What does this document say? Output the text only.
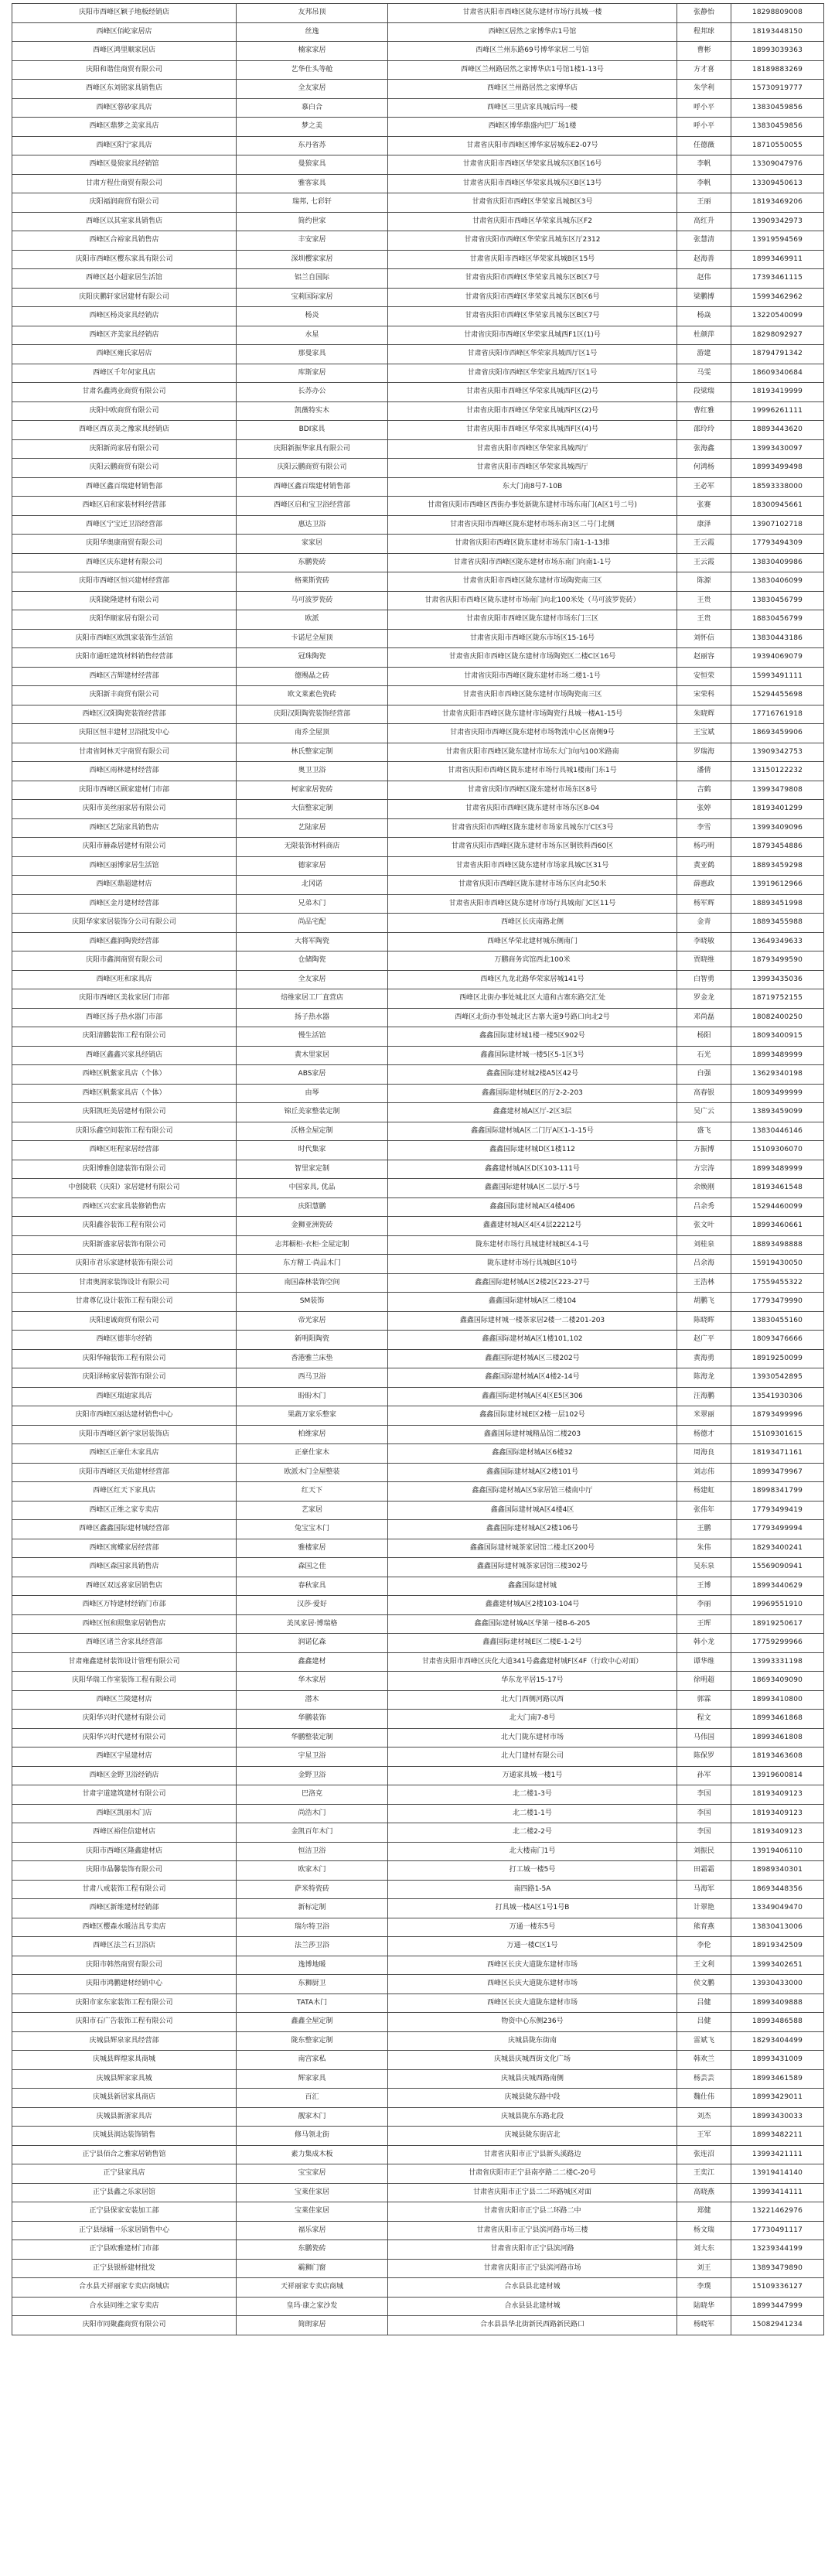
庆阳市西峰区颖子地板经销店	友邦吊顶	甘肃省庆阳市西峰区陇东建材市场行具城一楼	张静怡	18298809008
西峰区佰屹家居店	丝逸	西峰区居然之家博华店1号馆	程邦球	18193448150
西峰区鸿里顺家居店	楠家家居	西峰区兰州东路69号博华家居二号馆	曹彬	18993039363
庆阳和谐佳商贸有限公司	艺华仕头等舱	西峰区兰州路居然之家博华店1号馆1楼1-13号	方才喜	18189883269
西峰区东刘铭家具销售店	全友家居	西峰区兰州路居然之家博华店	朱学利	15730919777
西峰区蓉砂家具店	慕白合	西峰区三里店家具城后玛一楼	呼小平	13830459856
西峰区鼎梦之美家具店	梦之美	西峰区博华鼎盛内巴厂场1楼	呼小平	13830459856
西峰区阳宁家具店	东丹省苏	甘肃省庆阳市西峰区博华家居城东E2-07号	任德薇	18710550055
西峰区曼狼家具经销馆	曼狼家具	甘肃省庆阳市西峰区华荣家具城东区B区16号	李帆	13309047976
甘肃方程仕商贸有限公司	雅客家具	甘肃省庆阳市西峰区华荣家具城东区B区13号	李帆	13309450613
庆阳福润商贸有限公司	瑞邦, 七彩轩	甘肃省庆阳市西峰区华荣家具城B区3号	王丽	18193469206
西峰区以其室家具销售店	简约世家	甘肃省庆阳市西峰区华荣家具城东区F2	高红升	13909342973
西峰区合裕家具销售店	丰安家居	甘肃省庆阳市西峰区华荣家具城东区厅2312	张慧清	13919594569
庆阳市西峰区樱东家具有限公司	深圳樱家家居	甘肃省庆阳市西峰区华荣家具城B区15号	赵海善	18993469911
西峰区赵小超家居生活馆	铝兰自国际	甘肃省庆阳市西峰区华荣家具城东区B区7号	赵伟	17393461115
庆阳庆鹏轩家居建材有限公司	宝莉国际家居	甘肃省庆阳市西峰区华荣家具城东区B区6号	梁鹏博	15993462962
西峰区杨炎家具经销店	杨炎	甘肃省庆阳市西峰区华荣家具城东区B区7号	杨焱	13220540099
西峰区齐美家具经销店	水星	甘肃省庆阳市西峰区华荣家具城西F1区(1)号	杜颜萍	18298092927
西峰区雍氏家居店	那曼家具	甘肃省庆阳市西峰区华荣家具城西厅区1号	游建	18794791342
西峰区千年何家具店	库斯家居	甘肃省庆阳市西峰区华荣家具城西厅区1号	马雯	18609340684
甘肃名鑫鸿业商贸有限公司	长苏办公	甘肃省庆阳市西峰区华荣家具城西F区(2)号	段梁瑞	18193419999
庆阳中欧商贸有限公司	凯薇特实木	甘肃省庆阳市西峰区华荣家具城西F区(2)号	曹红雅	19996261111
西峰区西京美之豫家具经销店	BDI家具	甘肃省庆阳市西峰区华荣家具城西F区(4)号	邵玲玲	18893443620
庆阳新尚家居有限公司	庆阳新振华家具有限公司	甘肃省庆阳市西峰区华荣家具城西厅	张海鑫	13993430097
庆阳云鹏商贸有限公司	庆阳云鹏商贸有限公司	甘肃省庆阳市西峰区华荣家具城西厅	何鸿杨	18993499498
西峰区鑫百瑞建材销售部	西峰区鑫百瑞建材销售部	东大门南8号7-10B	王必军	18593338000
西峰区启和家装材料经营部	西峰区启和宝卫浴经营部	甘肃省庆阳市西峰区西街办事处新陇东建材市场东南门(A区1号二号)	张赛	18300945661
西峰区宁宝迁卫浴经营部	惠达卫浴	甘肃省庆阳市西峰区陇东建材市场东南3区二号门北侧	康泽	13907102718
庆阳华奥康商贸有限公司	家家居	甘肃省庆阳市西峰区陇东建材市场东门南1-1-13排	王云霞	17793494309
西峰区庆东建材有限公司	东鹏瓷砖	甘肃省庆阳市西峰区陇东建材市场东南门向南1-1号	王云霞	13830409986
庆阳市西峰区恒兴建材经营部	格莱斯瓷砖	甘肃省庆阳市西峰区陇东建材市场陶瓷南三区	陈源	13830406099
庆阳陇隆建材有限公司	马可波罗瓷砖	甘肃省庆阳市西峰区陇东建材市场南门向北100米处（马可波罗瓷砖）	王贵	13830456799
庆阳华顺家居有限公司	欧派	甘肃省庆阳市西峰区陇东建材市场东门三区	王贵	18830456799
庆阳市西峰区欧凯家装饰生活馆	卡诺尼全屋顶	甘肃省庆阳市西峰区陇东市场区15-16号	刘怀信	13830443186
庆阳市通旺建筑材料销售经营部	冠珠陶瓷	甘肃省庆阳市西峰区陇东建材市场陶瓷区二楼C区16号	赵丽容	19394069079
西峰区吉辉建材经营部	德赐晶之砖	甘肃省庆阳市西峰区陇东建材市场二楼1-1号	安恒荣	15993491111
庆阳新丰商贸有限公司	欧文莱素色瓷砖	甘肃省庆阳市西峰区陇东建材市场陶瓷南三区	宋荣科	15294455698
西峰区汉阳陶瓷装饰经营部	庆阳汉阳陶瓷装饰经营部	甘肃省庆阳市西峰区陇东建材市场陶瓷行具城一楼A1-15号	朱晓辉	17716761918
庆阳区恒丰建材卫浴批发中心	南乔全屋顶	甘肃省庆阳市西峰区陇东建材市场物流中心区南侧9号	王宝斌	18693459906
甘肃省阿林天宇商贸有限公司	林氏整家定制	甘肃省庆阳市西峰区陇东建材市场东大门向内100米路南	罗瑞海	13909342753
西峰区雨林建材经营部	奥卫卫浴	甘肃省庆阳市西峰区陇东建材市场行具城1楼南门东1号	潘倩	13150122232
庆阳市西峰区顾家建材门市部	柯家家居瓷砖	甘肃省庆阳市西峰区陇东建材市场东区8号	吉鹤	13993479808
庆阳市美丝丽家居有限公司	大信整家定制	甘肃省庆阳市西峰区陇东建材市场东区8-04	张婷	18193401299
西峰区艺陆家具销售店	艺陆家居	甘肃省庆阳市西峰区陇东建材市场家具城东厅C区3号	李雪	13993409096
庆阳市赫森居建材有限公司	无限装饰材料商店	甘肃省庆阳市西峰区陇东建材市场东区铜铁料西60区	杨巧明	18793454886
西峰区丽博家居生活馆	德家家居	甘肃省庆阳市西峰区陇东建材市场家具城C区31号	黄亚鹤	18893459298
西峰区鼎超建材店	北冈诺	甘肃省庆阳市西峰区陇东建材市场东区向北50米	薛惠政	13919612966
西峰区金月建材经营部	兄弟木门	甘肃省庆阳市西峰区陇东建材市场行具城南门C区11号	杨军辉	18893451998
庆阳华家家居装饰分公司有限公司	尚品宅配	西峰区长庆南路北侧	金青	18893455988
西峰区鑫润陶瓷经营部	大将军陶瓷	西峰区华荣北建材城东侧南门	李晓敏	13649349633
庆阳市鑫润商贸有限公司	仓储陶瓷	万鹏商务宾馆西北100米	贾晓维	18793499590
西峰区旺和家具店	全友家居	西峰区九龙北路华荣家居城141号	白智勇	13993435036
庆阳市西峰区美妆家居门市部	焙维家居工厂直营店	西峰区北街办事处城北区大道和古寨东路交汇处	罗金龙	18719752155
西峰区扬子热水器门市部	扬子热水器	西峰区北街办事处城北区古寨大道9号路口向北2号	邓尚磊	18082400250
庆阳清鹏装饰工程有限公司	慢生活馆	鑫鑫国际建材城1楼一楼5区902号	杨阳	18093400915
西峰区鑫鑫兴家具经销店	黄木里家居	鑫鑫国际建材城一楼5区5-1区3号	石光	18993489999
西峰区帆紫家具店（个体）	ABS家居	鑫鑫国际建材城2楼A5区42号	白强	13629340198
西峰区帆紫家具店（个体）	由琴	鑫鑫国际建材城E区的厅2-2-203	高春银	18093499999
庆阳凯旺美居建材有限公司	锦丘美家整装定制	鑫鑫建材城A区厅-2区3层	吴广云	13893459099
庆阳乐鑫空间装饰工程有限公司	沃格全屋定制	鑫鑫国际建材城A区二门厅A区1-1-15号	盛飞	13830446146
西峰区旺程家居经营部	时代集家	鑫鑫国际建材城D区1楼112	方振博	15109306070
庆阳博雅创建装饰有限公司	智里家定制	鑫鑫建材城A区D区103-111号	方宗涛	18993489999
中创陇联（庆阳）家居建材有限公司	中国家具, 优品	鑫鑫国际建材城A区二层厅-5号	余焕刚	18193461548
西峰区兴宏家具装修销售店	庆阳慧鹏	鑫鑫国际建材城A区4楼406	吕余秀	15294460099
庆阳鑫谷装饰工程有限公司	金狮亚洲瓷砖	鑫鑫建材城A区4区4层22212号	张文叶	18993460661
庆阳新盛家居装饰有限公司	志邦橱柜·衣柜·全屋定制	陇东建材市场行具城建材城B区4-1号	刘桂泉	18893498888
庆阳市君乐家建材装饰有限公司	东方精工·尚品木门	陇东建材市场行具城B区10号	吕余海	15919430050
甘肃奥润家装饰设计有限公司	南国森林装饰空间	鑫鑫国际建材城A区2楼2区223-27号	王浩林	17559455322
甘肃尊亿设计装饰工程有限公司	SM装饰	鑫鑫国际建材城A区二楼104	胡鹏飞	17793479990
庆阳速诚商贸有限公司	帝光家居	鑫鑫国际建材城一楼茶家居2楼一二楼201-203	陈晓晖	13830455160
西峰区德菲尔经销	新明阳陶瓷	鑫鑫国际建材城A区1楼101,102	赵广平	18093476666
庆阳华翰装饰工程有限公司	香港雅兰床垫	鑫鑫国际建材城A区三楼202号	黄海勇	18919250099
庆阳泽畅家居装饰有限公司	西马卫浴	鑫鑫国际建材城A区4楼2-14号	陈海龙	13930542895
西峰区瑞迪家具店	盼盼木门	鑫鑫国际建材城A区4区E5区306	汪海鹏	13541930306
庆阳市西峰区丽达建材销售中心	果蔬万家乐整家	鑫鑫国际建材城E区2楼一层102号	米翠丽	18793499996
庆阳市西峰区新宇家居装饰店	柏维家居	鑫鑫国际建材城精品馆二楼203	杨德才	15109301615
西峰区正豪仕木家具店	正豪仕家木	鑫鑫国际建材城A区6楼32	周海良	18193471161
庆阳市西峰区天佑建材经营部	欧派木门全屋整装	鑫鑫国际建材城A区2楼101号	刘志伟	18993479967
西峰区红天下家具店	红天下	鑫鑫国际建材城A区5家居馆三楼南中厅	杨建虹	18998341799
西峰区正维之家专卖店	艺家居	鑫鑫国际建材城A区4楼4区	张伟年	17793499419
西峰区鑫鑫国际建材城经营部	兔宝宝木门	鑫鑫国际建材城A区2楼106号	王鹏	17793499994
西峰区寓蝶家居经营部	雅楼家居	鑫鑫国际建材城茶家居馆二楼北区200号	朱伟	18293400241
西峰区森国家具销售店	森国之佳	鑫鑫国际建材城茶家居馆三楼302号	吴东泉	15569090941
西峰区双远喜家居销售店	春秋家具	鑫鑫国际建材城	王博	18993440629
西峰区万特建材经销门市部	汉莎·爱好	鑫鑫建材城A区2楼103-104号	李丽	19969551910
西峰区恒和照集家居销售店	美凤家居·博瑞格	鑫鑫国际建材城A区华第一楼B-6-205	王晖	18919250617
西峰区诸兰舍家具经营部	润诺亿森	鑫鑫国际建材城E区二楼E-1-2号	韩小龙	17759299966
甘肃雍鑫建材装饰设计管理有限公司	鑫鑫建材	甘肃省庆阳市西峰区庆化大道341号鑫鑫建材城F区4F（行政中心对面）	谭华维	13993331198
庆阳华瑞工作室装饰工程有限公司	华木家居	华东龙平居15-17号	徐明超	18693409090
西峰区兰陵建材店	潜木	北大门西侧河路以西	郭霖	18993410800
庆阳华兴时代建材有限公司	华鹏装饰	北大门南7-8号	程文	18993461868
庆阳华兴时代建材有限公司	华鹏整装定制	北大门陇东建材市场	马伟国	18993461808
西峰区宇星建材店	宇星卫浴	北大门建材有限公司	陈保罗	18193463608
西峰区金野卫浴经销店	金野卫浴	万通家具城一楼1号	孙军	13919600814
甘肃宇道建筑建材有限公司	巴洛克	北二楼1-3号	李国	18193409123
西峰区凯丽木门店	尚浩木门	北二楼1-1号	李国	18193409123
西峰区裕佳信建材店	金凯百年木门	北二楼2-2号	李国	18193409123
庆阳市西峰区隆鑫建材店	恒洁卫浴	北大楼南门1号	刘振民	13919406110
庆阳市晶馨装饰有限公司	欧家木门	打工城一楼5号	田霜霜	18989340301
甘肃八戒装饰工程有限公司	萨米特瓷砖	南四路1-5A	马海军	18693448356
西峰区新维建材经销部	新标定制	打具城一楼A区1号1号B	计翠艳	13349049470
西峰区樱森水暖洁具专卖店	瑞尔特卫浴	万通一楼东5号	熊育燕	13830413006
西峰区法兰石卫浴店	法兰莎卫浴	万通一楼C区1号	李伦	18919342509
庆阳市韩然商贸有限公司	逸博地暖	西峰区长庆大道陇东建材市场	王文利	13993402651
庆阳市鸿鹏建材经销中心	东狮厨卫	西峰区长庆大道陇东建材市场	侯文鹏	13930433000
庆阳市家东家装饰工程有限公司	TATA木门	西峰区长庆大道陇东建材市场	吕健	18993409888
庆阳市石广告装饰工程有限公司	鑫鑫全屋定制	物资中心东侧236号	吕健	18993486588
庆城县辉泉家具经营部	陇东整家定制	庆城县陇东街南	雷斌飞	18293404499
庆城县辉煌家具商城	南宫家私	庆城县庆城西街文化广场	韩欢兰	18993431009
庆城县辉家家具城	辉家家具	庆城县庆城西路南侧	杨芸芸	18993461589
庆城县新居家具商店	百汇	庆城县陇东路中段	魏仕伟	18993429011
庆城县新浙家具店	靓家木门	庆城县陇东东路北段	刘杰	18993430033
庆城县润达装饰销售	修马领北街	庆城县陇东街店北	王军	18993482211
正宁县佰合之雅家居销售馆	素力集成木板	甘肃省庆阳市正宁县新头溪路边	张连沼	13993421111
正宁县家具店	宝宝家居	甘肃省庆阳市正宁县南亭路二二楼C-20号	王奕江	13919414140
正宁县鑫之乐家居馆	宝莱佳家居	甘肃省庆阳市正宁县二二环路城区对面	高晓燕	13993414111
正宁县保家安装加工部	宝莱佳家居	甘肃省庆阳市正宁县二环路二中	郑健	13221462976
正宁县绿辅一乐家居销售中心	福乐家居	甘肃省庆阳市正宁县滨河路市场三楼	杨文瑞	17730491117
正宁县欧雅建材门市部	东鹏瓷砖	甘肃省庆阳市正宁县滨河路	刘大东	13239344199
正宁县银桥建材批发	霸狮门窗	甘肃省庆阳市正宁县滨河路市场	刘王	13893479890
合水县天祥丽家专卖店商城店	天祥丽家专卖店商城	合水县县北建材城	李璞	15109336127
合水县同维之家专卖店	皇玛·康之家沙发	合水县县北建材城	陆晓华	18993447999
庆阳市同聚鑫商贸有限公司	简朗家居	合水县县华北街新民西路新民路口	杨晓军	15082941234
